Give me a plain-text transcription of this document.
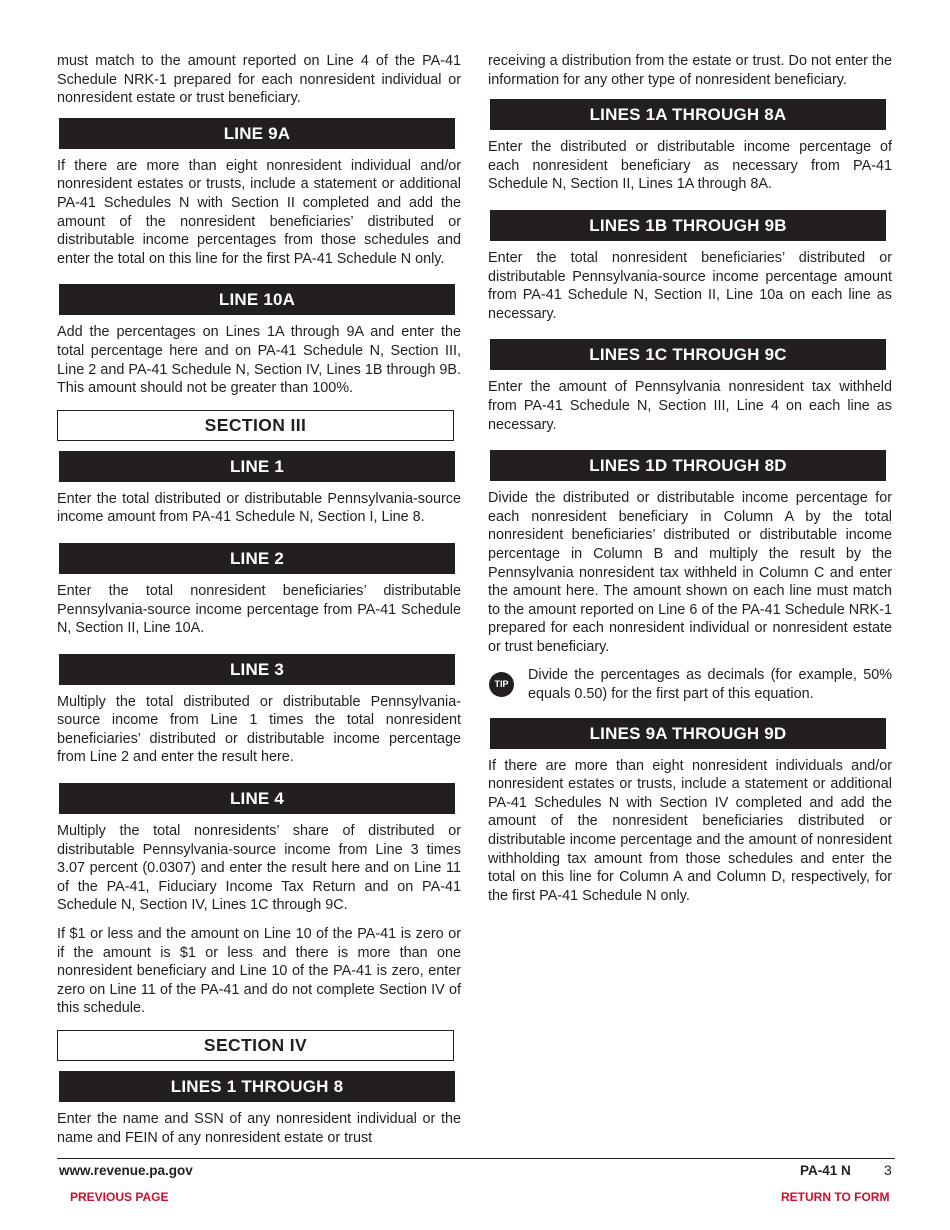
must match to the amount reported on Line 4 of the PA-41 Schedule NRK-1 prepared for each nonresident individual or nonresident estate or trust beneficiary.

LINE 9A

If there are more than eight nonresident individual and/or nonresident estates or trusts, include a statement or additional PA-41 Schedules N with Section II completed and add the amount of the nonresident beneficiaries’ distributed or distributable income percentages from those schedules and enter the total on this line for the first PA-41 Schedule N only.

LINE 10A

Add the percentages on Lines 1A through 9A and enter the total percentage here and on PA-41 Schedule N, Section III, Line 2 and PA-41 Schedule N, Section IV, Lines 1B through 9B. This amount should not be greater than 100%.

SECTION III
LINE 1

Enter the total distributed or distributable Pennsylvania-source income amount from PA-41 Schedule N, Section I, Line 8.

LINE 2

Enter the total nonresident beneficiaries’ distributable Pennsylvania-source income percentage from PA-41 Schedule N, Section II, Line 10A.

LINE 3

Multiply the total distributed or distributable Pennsylvania-source income from Line 1 times the total nonresident beneficiaries’ distributed or distributable income percentage from Line 2 and enter the result here.

LINE 4

Multiply the total nonresidents’ share of distributed or distributable Pennsylvania-source income from Line 3 times 3.07 percent (0.0307) and enter the result here and on Line 11 of the PA-41, Fiduciary Income Tax Return and on PA-41 Schedule N, Section IV, Lines 1C through 9C.

If $1 or less and the amount on Line 10 of the PA-41 is zero or if the amount is $1 or less and there is more than one nonresident beneficiary and Line 10 of the PA-41 is zero, enter zero on Line 11 of the PA-41 and do not complete Section IV of this schedule.

SECTION IV
LINES 1 THROUGH 8

Enter the name and SSN of any nonresident individual or the name and FEIN of any nonresident estate or trust

receiving a distribution from the estate or trust. Do not enter the information for any other type of nonresident beneficiary.

LINES 1A THROUGH 8A

Enter the distributed or distributable income percentage of each nonresident beneficiary as necessary from PA-41 Schedule N, Section II, Lines 1A through 8A.

LINES 1B THROUGH 9B

Enter the total nonresident beneficiaries’ distributed or distributable Pennsylvania-source income percentage amount from PA-41 Schedule N, Section II, Line 10a on each line as necessary.

LINES 1C THROUGH 9C

Enter the amount of Pennsylvania nonresident tax withheld from PA-41 Schedule N, Section III, Line 4 on each line as necessary.

LINES 1D THROUGH 8D

Divide the distributed or distributable income percentage for each nonresident beneficiary in Column A by the total nonresident beneficiaries’ distributed or distributable income percentage in Column B and multiply the result by the Pennsylvania nonresident tax withheld in Column C and enter the amount here. The amount shown on each line must match to the amount reported on Line 6 of the PA-41 Schedule NRK-1 prepared for each nonresident individual or nonresident estate or trust beneficiary.

TIP

Divide the percentages as decimals (for example, 50% equals 0.50) for the first part of this equation.

LINES 9A THROUGH 9D

If there are more than eight nonresident individuals and/or nonresident estates or trusts, include a statement or additional PA-41 Schedules N with Section IV completed and add the amount of the nonresident beneficiaries distributed or distributable income percentage and the amount of nonresident withholding tax amount from those schedules and enter the total on this line for Column A and Column D, respectively, for the first PA-41 Schedule N only.

www.revenue.pa.gov	PA-41 N 3
PREVIOUS PAGE	RETURN TO FORM
